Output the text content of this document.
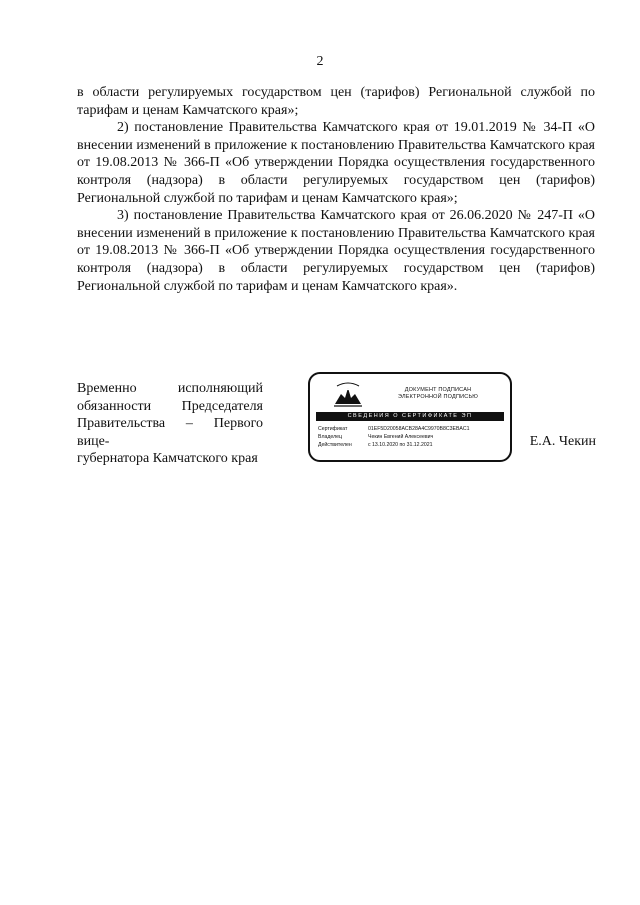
2

в области регулируемых государством цен (тарифов) Региональной службой по тарифам и ценам Камчатского края»;

2) постановление Правительства Камчатского края от 19.01.2019 № 34-П «О внесении изменений в приложение к постановлению Правительства Камчатского края от 19.08.2013 № 366-П «Об утверждении Порядка осуществления государственного контроля (надзора) в области регулируемых государством цен (тарифов) Региональной службой по тарифам и ценам Камчатского края»;

3) постановление Правительства Камчатского края от 26.06.2020 № 247-П «О внесении изменений в приложение к постановлению Правительства Камчатского края от 19.08.2013 № 366-П «Об утверждении Порядка осуществления государственного контроля (надзора) в области регулируемых государством цен (тарифов) Региональной службой по тарифам и ценам Камчатского края».

Временно исполняющий
обязанности Председателя
Правительства – Первого вице-
губернатора Камчатского края
ДОКУМЕНТ ПОДПИСАН
ЭЛЕКТРОННОЙ ПОДПИСЬЮ
СВЕДЕНИЯ О СЕРТИФИКАТЕ ЭП
Сертификат	01EF5D20058ACB28A4C9970B8C3EBAC1
Владелец	Чекин Евгений Алексеевич
Действителен	с 13.10.2020 по 31.12.2021	Е.А. Чекин
